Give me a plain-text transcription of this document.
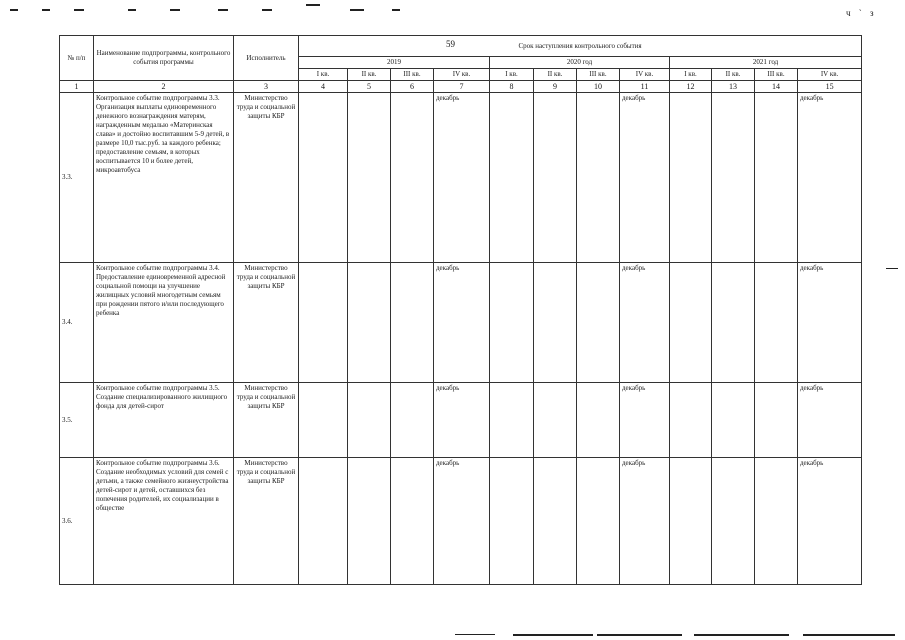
ч ` з
59
№ п/п	Наименование подпрограммы, контрольного события программы	Исполнитель	Срок наступления контрольного события											
			2019				2020 год				2021 год			
			I кв.	II кв.	III кв.	IV кв.	I кв.	II кв.	III кв.	IV кв.	I кв.	II кв.	III кв.	IV кв.
1	2	3	4	5	6	7	8	9	10	11	12	13	14	15
3.3.	Контрольное событие подпрограммы 3.3. Организация выплаты единовременного денежного вознаграждения матерям, награжденным медалью «Материнская слава» и достойно воспитавшим 5-9 детей, в размере 10,0 тыс.руб. за каждого ребенка; предоставление семьям, в которых воспитывается 10 и более детей, микроавтобуса	Министерство труда и социальной защиты КБР				декабрь				декабрь				декабрь
3.4.	Контрольное событие подпрограммы 3.4. Предоставление единовременной адресной социальной помощи на улучшение жилищных условий многодетным семьям при рождении пятого и/или последующего ребенка	Министерство труда и социальной защиты КБР				декабрь				декабрь				декабрь
3.5.	Контрольное событие подпрограммы 3.5. Создание специализированного жилищного фонда для детей-сирот	Министерство труда и социальной защиты КБР				декабрь				декабрь				декабрь
3.6.	Контрольное событие подпрограммы 3.6. Создание необходимых условий для семей с детьми, а также семейного жизнеустройства детей-сирот и детей, оставшихся без попечения родителей, их социализации в обществе	Министерство труда и социальной защиты КБР				декабрь				декабрь				декабрь
